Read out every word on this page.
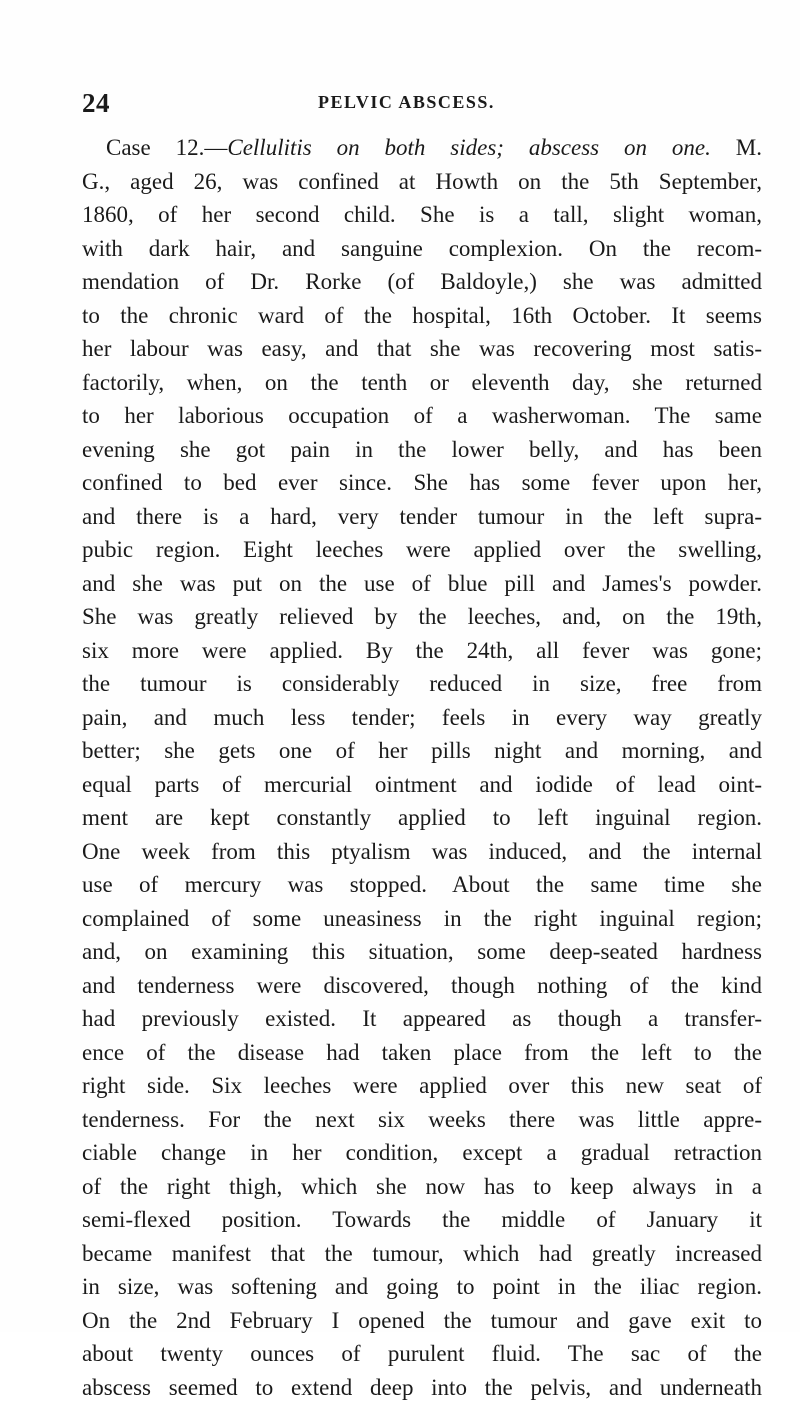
24	PELVIC ABSCESS.
Case 12.—Cellulitis on both sides; abscess on one. M.
G., aged 26, was confined at Howth on the 5th September,
1860, of her second child. She is a tall, slight woman,
with dark hair, and sanguine complexion. On the recom-
mendation of Dr. Rorke (of Baldoyle,) she was admitted
to the chronic ward of the hospital, 16th October. It seems
her labour was easy, and that she was recovering most satis-
factorily, when, on the tenth or eleventh day, she returned
to her laborious occupation of a washerwoman. The same
evening she got pain in the lower belly, and has been
confined to bed ever since. She has some fever upon her,
and there is a hard, very tender tumour in the left supra-
pubic region. Eight leeches were applied over the swelling,
and she was put on the use of blue pill and James's powder.
She was greatly relieved by the leeches, and, on the 19th,
six more were applied. By the 24th, all fever was gone;
the tumour is considerably reduced in size, free from
pain, and much less tender; feels in every way greatly
better; she gets one of her pills night and morning, and
equal parts of mercurial ointment and iodide of lead oint-
ment are kept constantly applied to left inguinal region.
One week from this ptyalism was induced, and the internal
use of mercury was stopped. About the same time she
complained of some uneasiness in the right inguinal region;
and, on examining this situation, some deep-seated hardness
and tenderness were discovered, though nothing of the kind
had previously existed. It appeared as though a transfer-
ence of the disease had taken place from the left to the
right side. Six leeches were applied over this new seat of
tenderness. For the next six weeks there was little appre-
ciable change in her condition, except a gradual retraction
of the right thigh, which she now has to keep always in a
semi-flexed position. Towards the middle of January it
became manifest that the tumour, which had greatly increased
in size, was softening and going to point in the iliac region.
On the 2nd February I opened the tumour and gave exit to
about twenty ounces of purulent fluid. The sac of the
abscess seemed to extend deep into the pelvis, and underneath
